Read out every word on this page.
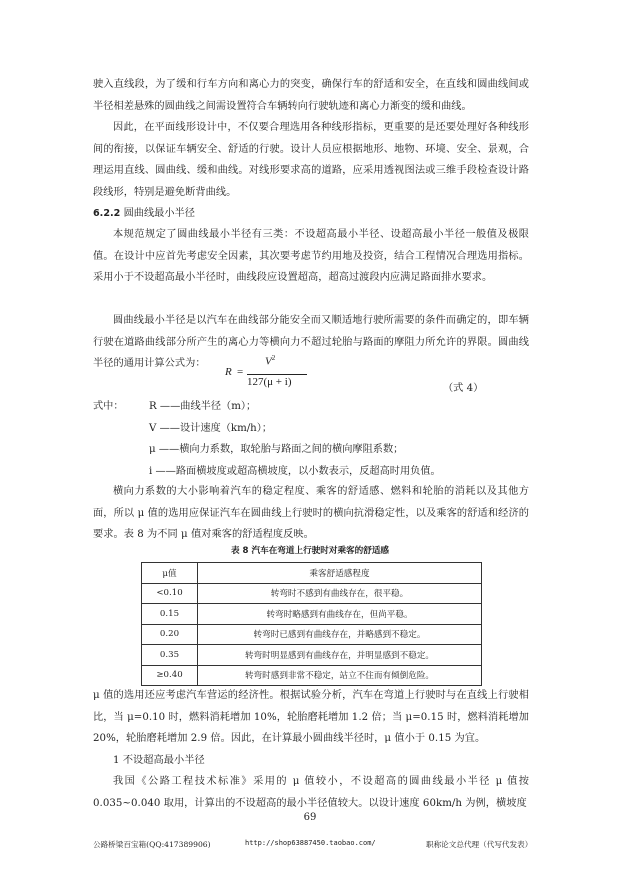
驶入直线段，为了缓和行车方向和离心力的突变，确保行车的舒适和安全，在直线和圆曲线间或半径相差悬殊的圆曲线之间需设置符合车辆转向行驶轨迹和离心力渐变的缓和曲线。

因此，在平面线形设计中，不仅要合理选用各种线形指标，更重要的是还要处理好各种线形间的衔接，以保证车辆安全、舒适的行驶。设计人员应根据地形、地物、环境、安全、景观，合理运用直线、圆曲线、缓和曲线。对线形要求高的道路，应采用透视图法或三维手段检查设计路段线形，特别是避免断背曲线。

6.2.2 圆曲线最小半径

本规范规定了圆曲线最小半径有三类：不设超高最小半径、设超高最小半径一般值及极限值。在设计中应首先考虑安全因素，其次要考虑节约用地及投资，结合工程情况合理选用指标。采用小于不设超高最小半径时，曲线段应设置超高，超高过渡段内应满足路面排水要求。

圆曲线最小半径是以汽车在曲线部分能安全而又顺适地行驶所需要的条件而确定的，即车辆行驶在道路曲线部分所产生的离心力等横向力不超过轮胎与路面的摩阻力所允许的界限。圆曲线半径的通用计算公式为：

R =
$V^2$
127(μ + i)
（式 4）
式中： R ——曲线半径（m）；
V ——设计速度（km/h）；
μ ——横向力系数，取轮胎与路面之间的横向摩阻系数；
i ——路面横坡度或超高横坡度，以小数表示，反超高时用负值。

横向力系数的大小影响着汽车的稳定程度、乘客的舒适感、燃料和轮胎的消耗以及其他方面，所以 μ 值的选用应保证汽车在圆曲线上行驶时的横向抗滑稳定性，以及乘客的舒适和经济的要求。表 8 为不同 μ 值对乘客的舒适程度反映。

表 8 汽车在弯道上行驶时对乘客的舒适感
μ值	乘客舒适感程度
<0.10	转弯时不感到有曲线存在，很平稳。
0.15	转弯时略感到有曲线存在，但尚平稳。
0.20	转弯时已感到有曲线存在，并略感到不稳定。
0.35	转弯时明显感到有曲线存在，并明显感到不稳定。
≥0.40	转弯时感到非常不稳定，站立不住而有倾倒危险。

μ 值的选用还应考虑汽车营运的经济性。根据试验分析，汽车在弯道上行驶时与在直线上行驶相比，当 μ=0.10 时，燃料消耗增加 10%，轮胎磨耗增加 1.2 倍；当 μ=0.15 时，燃料消耗增加 20%，轮胎磨耗增加 2.9 倍。因此，在计算最小圆曲线半径时，μ 值小于 0.15 为宜。

1 不设超高最小半径

我国《公路工程技术标准》采用的 μ 值较小，不设超高的圆曲线最小半径 μ 值按 0.035~0.040 取用，计算出的不设超高的最小半径值较大。以设计速度 60km/h 为例，横坡度

69
公路桥梁百宝箱(QQ:417389906)	http://shop63887450.taobao.com/	职称论文总代理（代写代发表）
